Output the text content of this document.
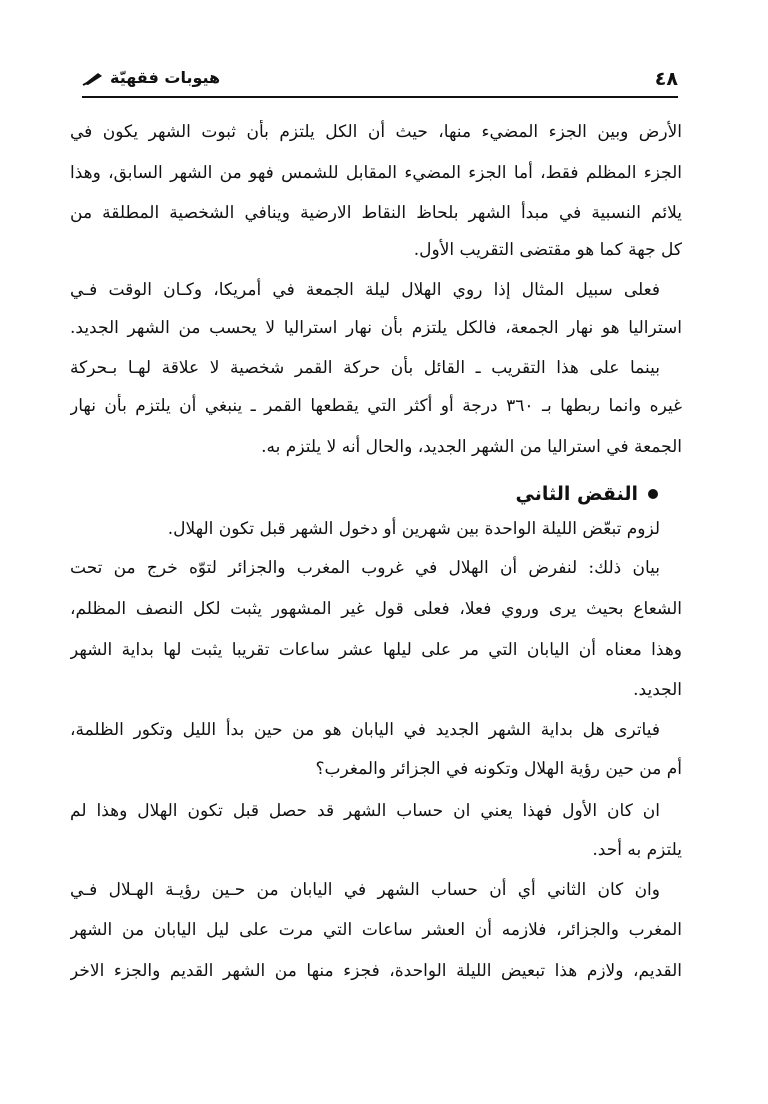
٤٨
هيوبات فقهيّة
الأرض وبين الجزء المضيء منها، حيث أن الكل يلتزم بأن ثبوت الشهر يكون في
الجزء المظلم فقط، أما الجزء المضيء المقابل للشمس فهو من الشهر السابق، وهذا
يلائم النسبية في مبدأ الشهر بلحاظ النقاط الارضية وينافي الشخصية المطلقة من
كل جهة كما هو مقتضى التقريب الأول.
فعلى سبيل المثال إذا روي الهلال ليلة الجمعة في أمريكا، وكـان الوقت فـي
استراليا هو نهار الجمعة، فالكل يلتزم بأن نهار استراليا لا يحسب من الشهر الجديد.
بينما على هذا التقريب ـ القائل بأن حركة القمر شخصية لا علاقة لهـا بـحركة
غيره وانما ربطها بـ ٣٦٠ درجة أو أكثر التي يقطعها القمر ـ ينبغي أن يلتزم بأن نهار
الجمعة في استراليا من الشهر الجديد، والحال أنه لا يلتزم به.
النقض الثاني
لزوم تبعّض الليلة الواحدة بين شهرين أو دخول الشهر قبل تكون الهلال.
بيان ذلك: لنفرض أن الهلال في غروب المغرب والجزائر لتوّه خرج من تحت
الشعاع بحيث يرى وروي فعلا، فعلى قول غير المشهور يثبت لكل النصف المظلم،
وهذا معناه أن اليابان التي مر على ليلها عشر ساعات تقريبا يثبت لها بداية الشهر
الجديد.
فياترى هل بداية الشهر الجديد في اليابان هو من حين بدأ الليل وتكور الظلمة،
أم من حين رؤية الهلال وتكونه في الجزائر والمغرب؟
ان كان الأول فهذا يعني ان حساب الشهر قد حصل قبل تكون الهلال وهذا لم
يلتزم به أحد.
وان كان الثاني أي أن حساب الشهر في اليابان من حـين رؤيـة الهـلال فـي
المغرب والجزائر، فلازمه أن العشر ساعات التي مرت على ليل اليابان من الشهر
القديم، ولازم هذا تبعيض الليلة الواحدة، فجزء منها من الشهر القديم والجزء الاخر
